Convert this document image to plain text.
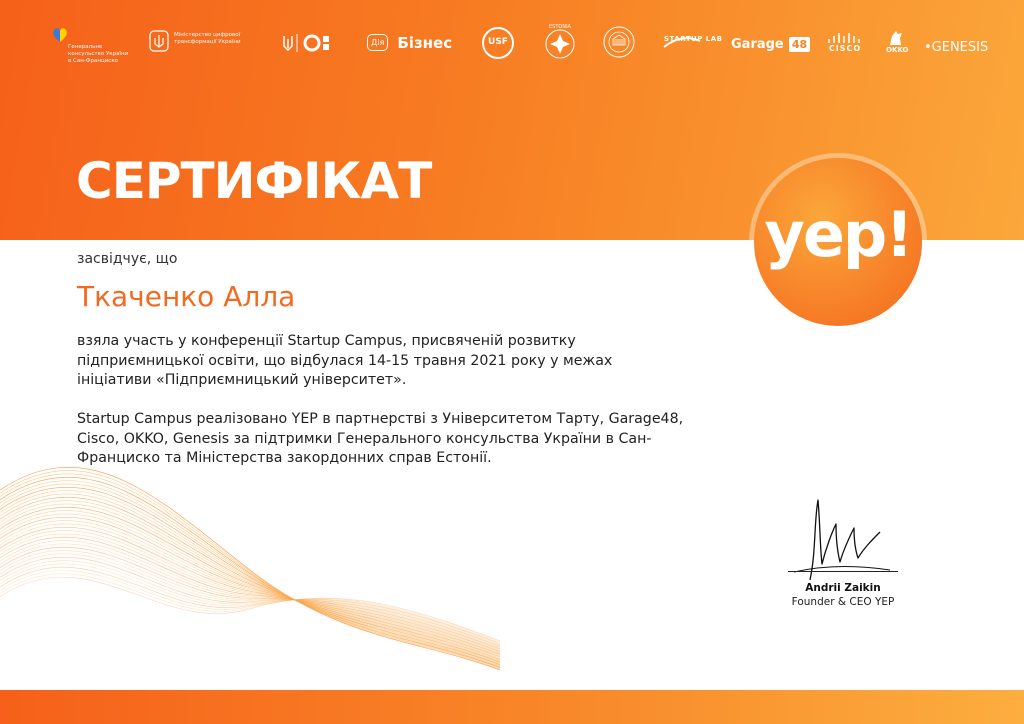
Генеральне консульство України в Сан-Франциско
Міністерство цифрової трансформації України	Дія Бізнес	USF
ESTONIA
STARTUP LAB Garage 48	CISCO	OKKO •GENESIS
СЕРТИФІКАТ
yep!
засвідчує, що
Ткаченко Алла

взяла участь у конференції Startup Campus, присвяченій розвитку підприємницької освіти, що відбулася 14-15 травня 2021 року у межах ініціативи «Підприємницький університет».

Startup Campus реалізовано YEP в партнерстві з Університетом Тарту, Garage48, Cisco, OKKO, Genesis за підтримки Генерального консульства України в Сан-Франциско та Міністерства закордонних справ Естонії.

Andrii Zaikin
Founder & CEO YEP
